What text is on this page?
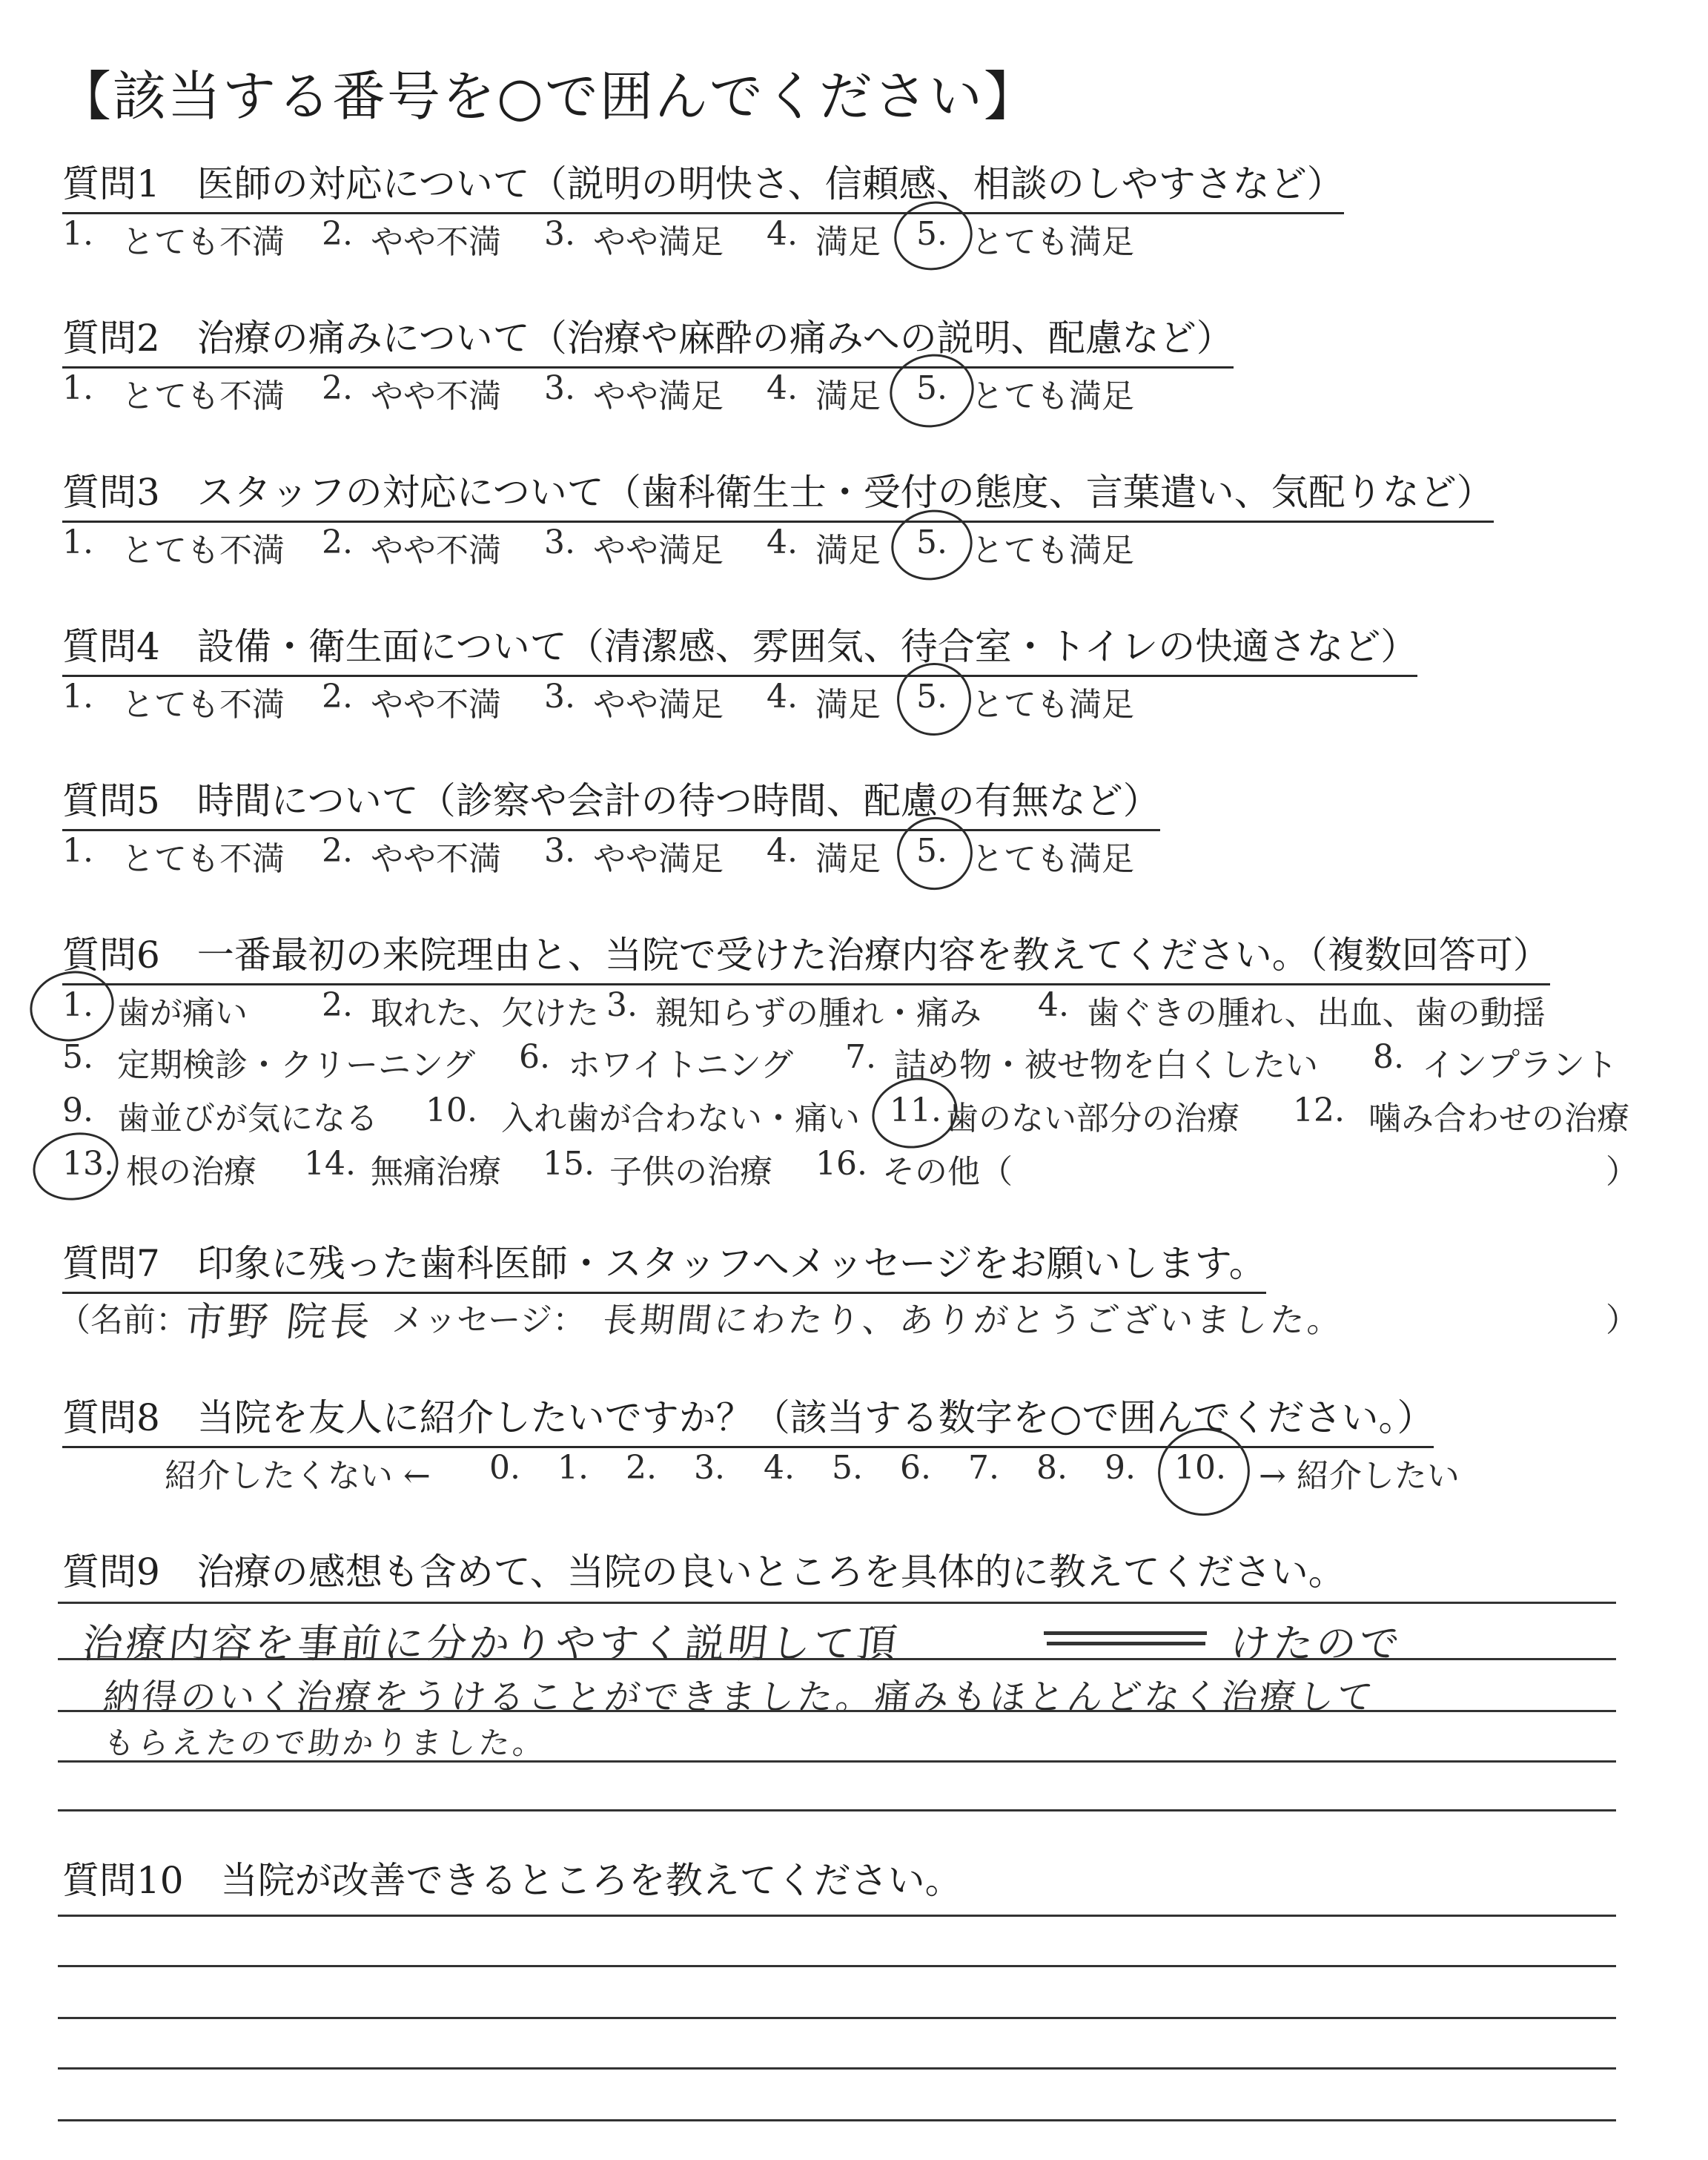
【該当する番号を○で囲んでください】
質問1　医師の対応について（説明の明快さ、信頼感、相談のしやすさなど）
1. とても不満 2. やや不満 3. やや満足 4. 満足 5. とても満足
質問2　治療の痛みについて（治療や麻酔の痛みへの説明、配慮など）
1. とても不満 2. やや不満 3. やや満足 4. 満足 5. とても満足
質問3　スタッフの対応について（歯科衛生士・受付の態度、言葉遣い、気配りなど）
1. とても不満 2. やや不満 3. やや満足 4. 満足 5. とても満足
質問4　設備・衛生面について（清潔感、雰囲気、待合室・トイレの快適さなど）
1. とても不満 2. やや不満 3. やや満足 4. 満足 5. とても満足
質問5　時間について（診察や会計の待つ時間、配慮の有無など）
1. とても不満 2. やや不満 3. やや満足 4. 満足 5. とても満足
質問6　一番最初の来院理由と、当院で受けた治療内容を教えてください。（複数回答可）
1. 歯が痛い 2. 取れた、欠けた 3. 親知らずの腫れ・痛み 4. 歯ぐきの腫れ、出血、歯の動揺
5. 定期検診・クリーニング 6. ホワイトニング 7. 詰め物・被せ物を白くしたい 8. インプラント
9. 歯並びが気になる 10. 入れ歯が合わない・痛い 11. 歯のない部分の治療 12. 噛み合わせの治療
13. 根の治療 14. 無痛治療 15. 子供の治療 16. その他（	）
質問7　印象に残った歯科医師・スタッフへメッセージをお願いします。
（名前：
市野 院長 メッセージ： 長期間にわたり、ありがとうございました。	）
質問8　当院を友人に紹介したいですか？（該当する数字を○で囲んでください。）
紹介したくない ← 0. 1. 2. 3. 4. 5. 6. 7. 8. 9. 10. → 紹介したい
質問9　治療の感想も含めて、当院の良いところを具体的に教えてください。
治療内容を事前に分かりやすく説明して頂	けたので
納得のいく治療をうけることができました。痛みもほとんどなく治療して
もらえたので助かりました。
質問10　当院が改善できるところを教えてください。
